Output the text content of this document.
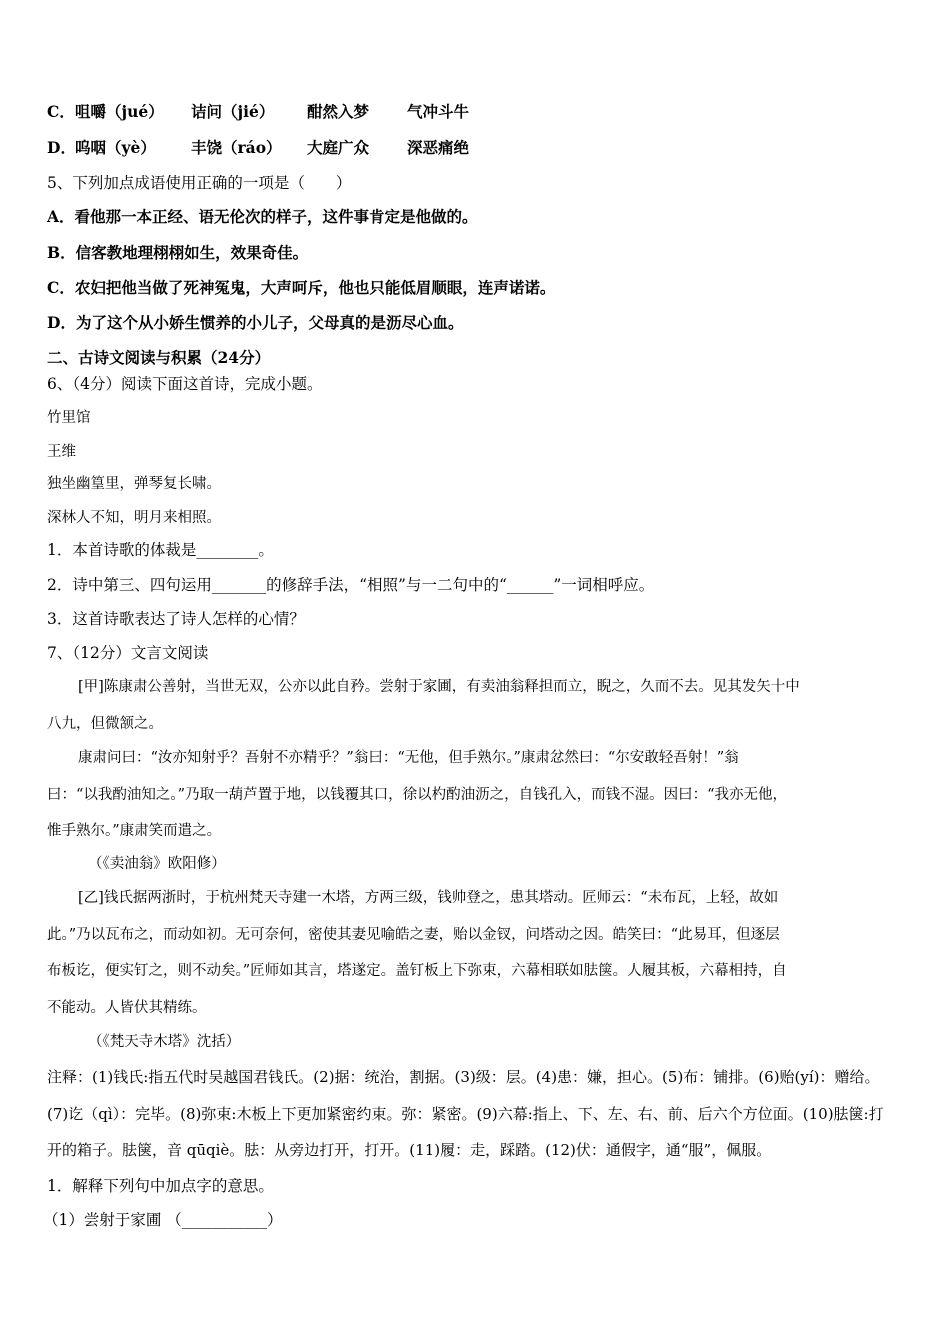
C．咀嚼（jué） 诘问（jié） 酣然入梦 气冲斗牛
D．呜咽（yè） 丰饶（ráo） 大庭广众 深恶痛绝
5、下列加点成语使用正确的一项是（　　）
A．看他那一本正经、语无伦次的样子，这件事肯定是他做的。
B．信客教地理栩栩如生，效果奇佳。
C．农妇把他当做了死神冤鬼，大声呵斥，他也只能低眉顺眼，连声诺诺。
D．为了这个从小娇生惯养的小儿子，父母真的是沥尽心血。
二、古诗文阅读与积累（24分）
6、（4分）阅读下面这首诗，完成小题。
竹里馆
王维
独坐幽篁里，弹琴复长啸。
深林人不知，明月来相照。
1．本首诗歌的体裁是________。
2．诗中第三、四句运用_______的修辞手法，“相照”与一二句中的“______”一词相呼应。
3．这首诗歌表达了诗人怎样的心情？
7、（12分）文言文阅读
[甲]陈康肃公善射，当世无双，公亦以此自矜。尝射于家圃，有卖油翁释担而立，睨之，久而不去。见其发矢十中
八九，但微颔之。
康肃问曰：“汝亦知射乎？吾射不亦精乎？”翁曰：“无他，但手熟尔。”康肃忿然曰：“尔安敢轻吾射！”翁
曰：“以我酌油知之。”乃取一葫芦置于地，以钱覆其口，徐以杓酌油沥之，自钱孔入，而钱不湿。因曰：“我亦无他，
惟手熟尔。”康肃笑而遣之。
（《卖油翁》欧阳修）
[乙]钱氏据两浙时，于杭州梵天寺建一木塔，方两三级，钱帅登之，患其塔动。匠师云：“未布瓦，上轻，故如
此。”乃以瓦布之，而动如初。无可奈何，密使其妻见喻皓之妻，贻以金钗，问塔动之因。皓笑曰：“此易耳，但逐层
布板讫，便实钉之，则不动矣。”匠师如其言，塔遂定。盖钉板上下弥束，六幕相联如胠箧。人履其板，六幕相持，自
不能动。人皆伏其精练。
（《梵天寺木塔》沈括）
注释：(1)钱氏:指五代时吴越国君钱氏。(2)据：统治，割据。(3)级：层。(4)患：嫌，担心。(5)布：铺排。(6)贻(yí)：赠给。
(7)讫（qì）：完毕。(8)弥束:木板上下更加紧密约束。弥：紧密。(9)六幕:指上、下、左、右、前、后六个方位面。(10)胠箧:打
开的箱子。胠箧，音 qūqiè。胠：从旁边打开，打开。(11)履：走，踩踏。(12)伏：通假字，通“服”，佩服。
1．解释下列句中加点字的意思。
（1）尝射于家圃 （___________）
